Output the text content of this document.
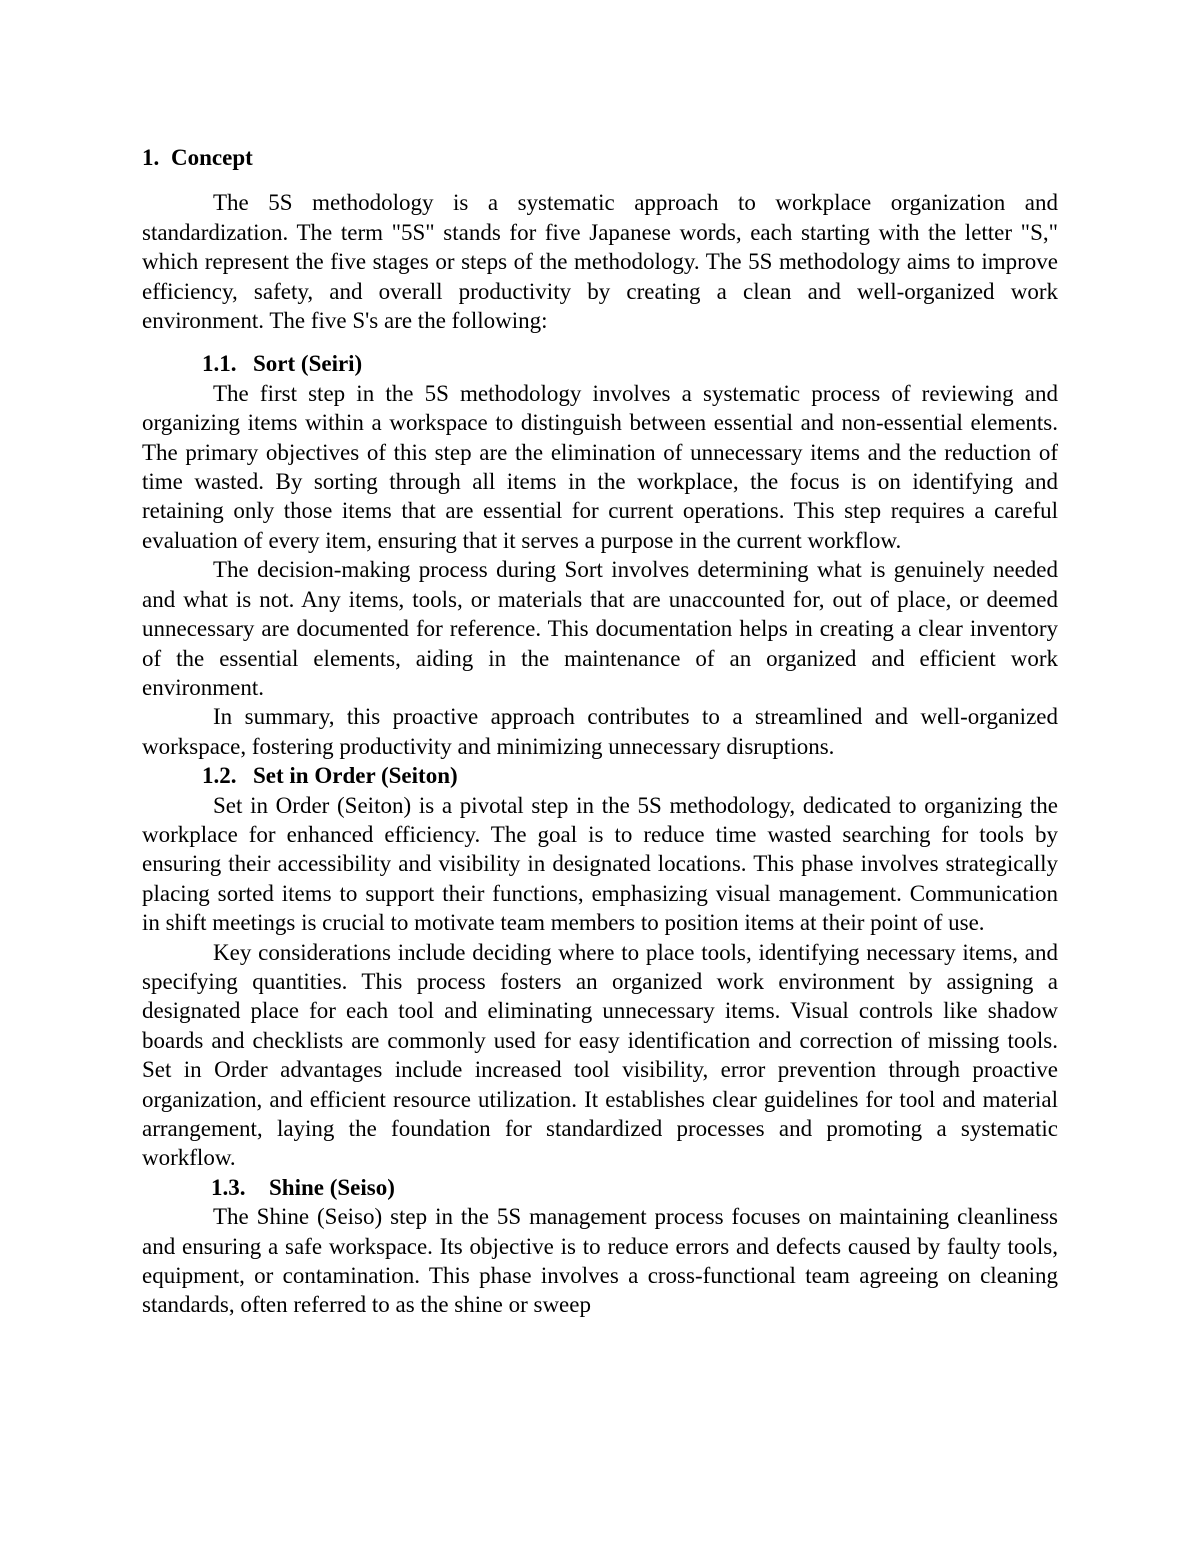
1. Concept

The 5S methodology is a systematic approach to workplace organization and standardization. The term "5S" stands for five Japanese words, each starting with the letter "S," which represent the five stages or steps of the methodology. The 5S methodology aims to improve efficiency, safety, and overall productivity by creating a clean and well-organized work environment. The five S's are the following:

1.1. Sort (Seiri)

The first step in the 5S methodology involves a systematic process of reviewing and organizing items within a workspace to distinguish between essential and non-essential elements. The primary objectives of this step are the elimination of unnecessary items and the reduction of time wasted. By sorting through all items in the workplace, the focus is on identifying and retaining only those items that are essential for current operations. This step requires a careful evaluation of every item, ensuring that it serves a purpose in the current workflow.

The decision-making process during Sort involves determining what is genuinely needed and what is not. Any items, tools, or materials that are unaccounted for, out of place, or deemed unnecessary are documented for reference. This documentation helps in creating a clear inventory of the essential elements, aiding in the maintenance of an organized and efficient work environment.

In summary, this proactive approach contributes to a streamlined and well-organized workspace, fostering productivity and minimizing unnecessary disruptions.

1.2. Set in Order (Seiton)

Set in Order (Seiton) is a pivotal step in the 5S methodology, dedicated to organizing the workplace for enhanced efficiency. The goal is to reduce time wasted searching for tools by ensuring their accessibility and visibility in designated locations. This phase involves strategically placing sorted items to support their functions, emphasizing visual management. Communication in shift meetings is crucial to motivate team members to position items at their point of use.

Key considerations include deciding where to place tools, identifying necessary items, and specifying quantities. This process fosters an organized work environment by assigning a designated place for each tool and eliminating unnecessary items. Visual controls like shadow boards and checklists are commonly used for easy identification and correction of missing tools. Set in Order advantages include increased tool visibility, error prevention through proactive organization, and efficient resource utilization. It establishes clear guidelines for tool and material arrangement, laying the foundation for standardized processes and promoting a systematic workflow.

1.3.	Shine (Seiso)

The Shine (Seiso) step in the 5S management process focuses on maintaining cleanliness and ensuring a safe workspace. Its objective is to reduce errors and defects caused by faulty tools, equipment, or contamination. This phase involves a cross-functional team agreeing on cleaning standards, often referred to as the shine or sweep
